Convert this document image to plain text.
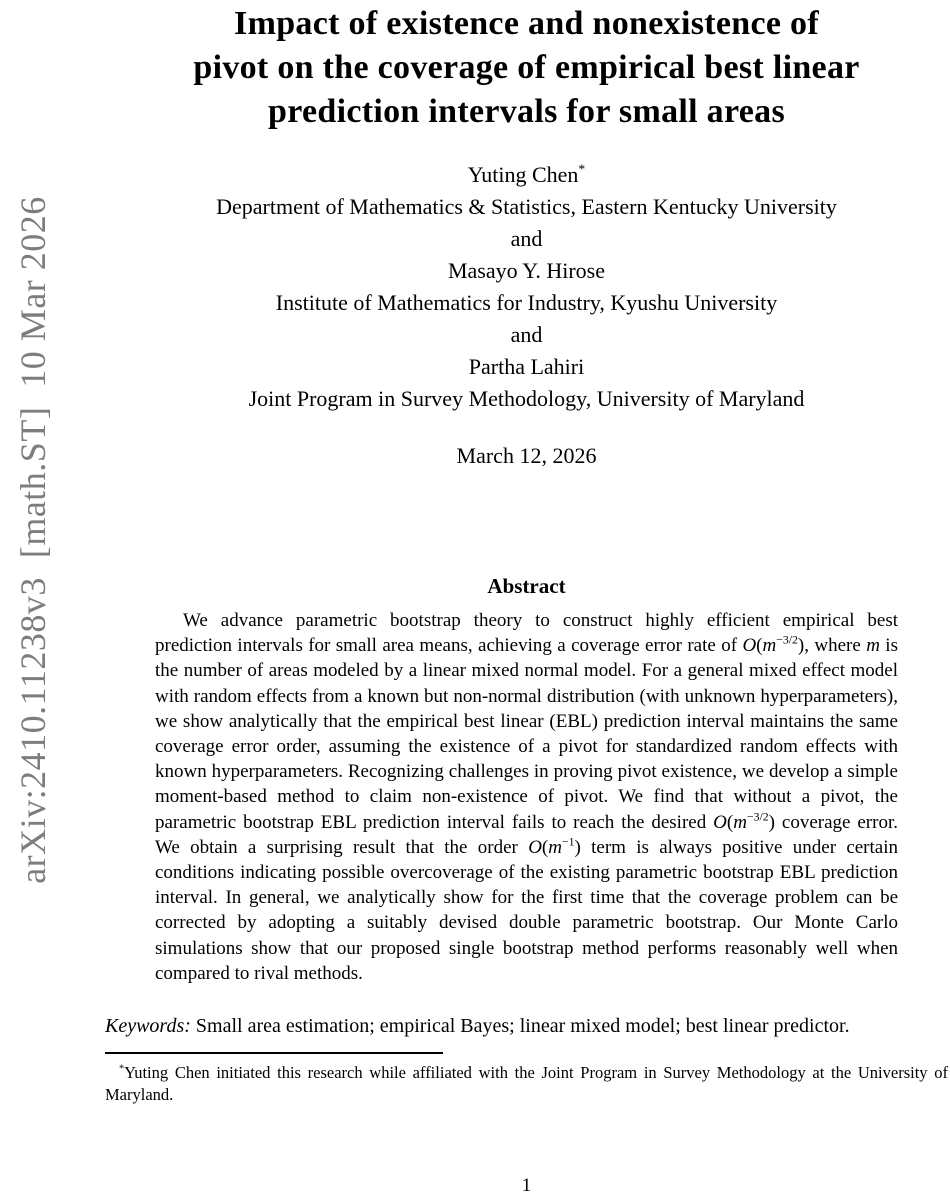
arXiv:2410.11238v3  [math.ST]  10 Mar 2026
Impact of existence and nonexistence of
pivot on the coverage of empirical best linear
prediction intervals for small areas
Yuting Chen*
Department of Mathematics & Statistics, Eastern Kentucky University
and
Masayo Y. Hirose
Institute of Mathematics for Industry, Kyushu University
and
Partha Lahiri
Joint Program in Survey Methodology, University of Maryland
March 12, 2026
Abstract

We advance parametric bootstrap theory to construct highly efficient empirical best prediction intervals for small area means, achieving a coverage error rate of $O(m^{-3/2})$, where m is the number of areas modeled by a linear mixed normal model. For a general mixed effect model with random effects from a known but non-normal distribution (with unknown hyperparameters), we show analytically that the empirical best linear (EBL) prediction interval maintains the same coverage error order, assuming the existence of a pivot for standardized random effects with known hyperparameters. Recognizing challenges in proving pivot existence, we develop a simple moment-based method to claim non-existence of pivot. We find that without a pivot, the parametric bootstrap EBL prediction interval fails to reach the desired $O(m^{-3/2})$ coverage error. We obtain a surprising result that the order $O(m^{-1})$ term is always positive under certain conditions indicating possible overcoverage of the existing parametric bootstrap EBL prediction interval. In general, we analytically show for the first time that the coverage problem can be corrected by adopting a suitably devised double parametric bootstrap. Our Monte Carlo simulations show that our proposed single bootstrap method performs reasonably well when compared to rival methods.

Keywords: Small area estimation; empirical Bayes; linear mixed model; best linear predictor.
*Yuting Chen initiated this research while affiliated with the Joint Program in Survey Methodology at the University of Maryland.
1
